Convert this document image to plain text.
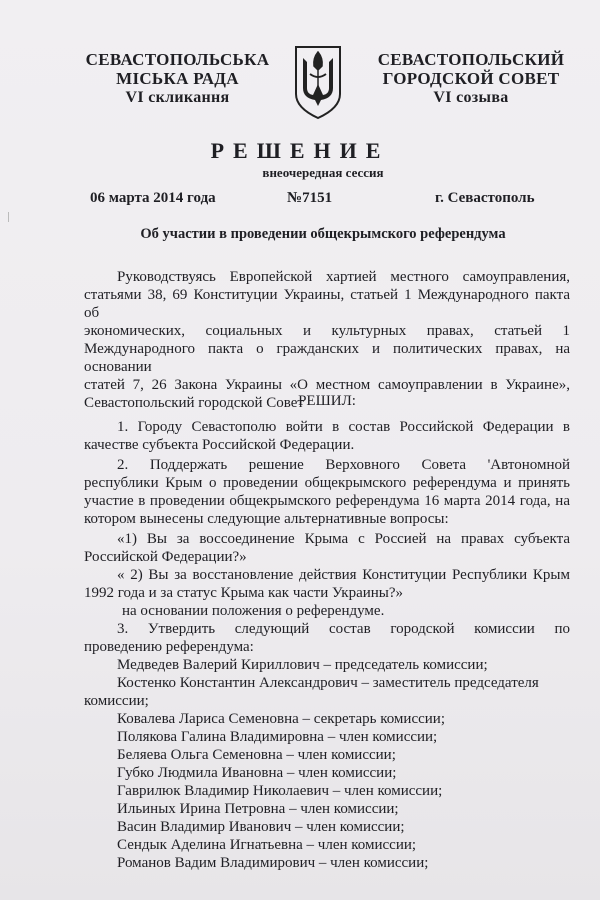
СЕВАСТОПОЛЬСЬКА
МІСЬКА РАДА
VI скликання
СЕВАСТОПОЛЬСКИЙ
ГОРОДСКОЙ СОВЕТ
VI созыва
РЕШЕНИЕ
внеочередная сессия
06 марта 2014 года	№7151	г. Севастополь
Об участии в проведении общекрымского референдума
Руководствуясь Европейской хартией местного самоуправления,
статьями 38, 69 Конституции Украины, статьей 1 Международного пакта об
экономических, социальных и культурных правах, статьей 1
Международного пакта о гражданских и политических правах, на основании
статей 7, 26 Закона Украины «О местном самоуправлении в Украине»,
Севастопольский городской Совет
РЕШИЛ:
1. Городу Севастополю войти в состав Российской Федерации в
качестве субъекта Российской Федерации.
2. Поддержать решение Верховного Совета 'Автономной
республики Крым о проведении общекрымского референдума и принять
участие в проведении общекрымского референдума 16 марта 2014 года, на
котором вынесены следующие альтернативные вопросы:
«1) Вы за воссоединение Крыма с Россией на правах субъекта
Российской Федерации?»
« 2) Вы за восстановление действия Конституции Республики Крым
1992 года и за статус Крыма как части Украины?»
на основании положения о референдуме.
3. Утвердить следующий состав городской комиссии по
проведению референдума:
Медведев Валерий Кириллович – председатель комиссии;
Костенко Константин Александрович – заместитель председателя
комиссии;
Ковалева Лариса Семеновна – секретарь комиссии;
Полякова Галина Владимировна – член комиссии;
Беляева Ольга Семеновна – член комиссии;
Губко Людмила Ивановна – член комиссии;
Гаврилюк Владимир Николаевич – член комиссии;
Ильиных Ирина Петровна – член комиссии;
Васин Владимир Иванович – член комиссии;
Сендык Аделина Игнатьевна – член комиссии;
Романов Вадим Владимирович – член комиссии;
